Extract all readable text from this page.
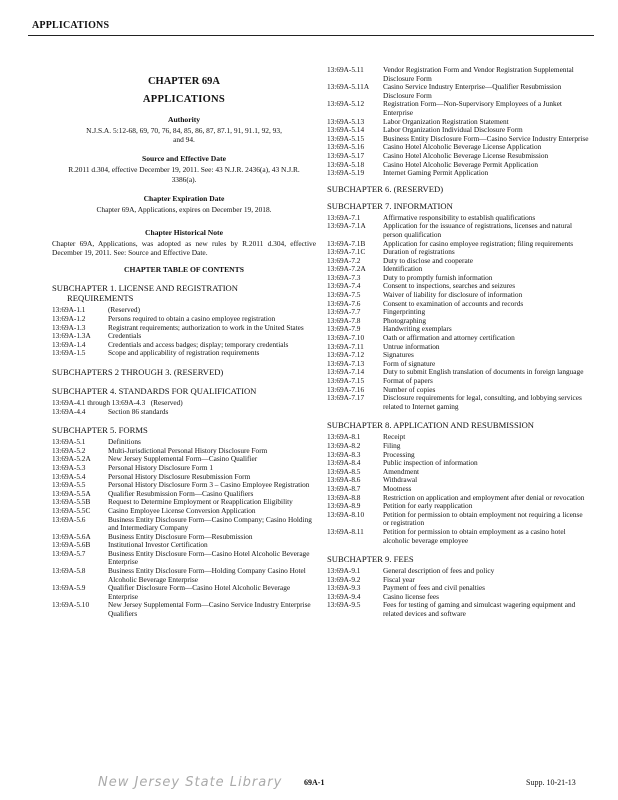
APPLICATIONS
CHAPTER 69A
APPLICATIONS
Authority
N.J.S.A. 5:12-68, 69, 70, 76, 84, 85, 86, 87, 87.1, 91, 91.1, 92, 93, and 94.
Source and Effective Date
R.2011 d.304, effective December 19, 2011. See: 43 N.J.R. 2436(a), 43 N.J.R. 3386(a).
Chapter Expiration Date
Chapter 69A, Applications, expires on December 19, 2018.
Chapter Historical Note
Chapter 69A, Applications, was adopted as new rules by R.2011 d.304, effective December 19, 2011. See: Source and Effective Date.
CHAPTER TABLE OF CONTENTS
SUBCHAPTER 1. LICENSE AND REGISTRATION
REQUIREMENTS
13:69A-1.1	(Reserved)
13:69A-1.2	Persons required to obtain a casino employee registration
13:69A-1.3	Registrant requirements; authorization to work in the United States
13:69A-1.3A	Credentials
13:69A-1.4	Credentials and access badges; display; temporary credentials
13:69A-1.5	Scope and applicability of registration requirements
SUBCHAPTERS 2 THROUGH 3. (RESERVED)
SUBCHAPTER 4. STANDARDS FOR QUALIFICATION
13:69A-4.1 through 13:69A-4.3   (Reserved)
13:69A-4.4	Section 86 standards
SUBCHAPTER 5. FORMS
13:69A-5.1	Definitions
13:69A-5.2	Multi-Jurisdictional Personal History Disclosure Form
13:69A-5.2A	New Jersey Supplemental Form—Casino Qualifier
13:69A-5.3	Personal History Disclosure Form 1
13:69A-5.4	Personal History Disclosure Resubmission Form
13:69A-5.5	Personal History Disclosure Form 3 – Casino Employee Registration
13:69A-5.5A	Qualifier Resubmission Form—Casino Qualifiers
13:69A-5.5B	Request to Determine Employment or Reapplication Eligibility
13:69A-5.5C	Casino Employee License Conversion Application
13:69A-5.6	Business Entity Disclosure Form—Casino Company; Casino Holding and Intermediary Company
13:69A-5.6A	Business Entity Disclosure Form—Resubmission
13:69A-5.6B	Institutional Investor Certification
13:69A-5.7	Business Entity Disclosure Form—Casino Hotel Alcoholic Beverage Enterprise
13:69A-5.8	Business Entity Disclosure Form—Holding Company Casino Hotel Alcoholic Beverage Enterprise
13:69A-5.9	Qualifier Disclosure Form—Casino Hotel Alcoholic Beverage Enterprise
13:69A-5.10	New Jersey Supplemental Form—Casino Service Industry Enterprise Qualifiers
13:69A-5.11	Vendor Registration Form and Vendor Registration Supplemental Disclosure Form
13:69A-5.11A	Casino Service Industry Enterprise—Qualifier Resubmission Disclosure Form
13:69A-5.12	Registration Form—Non-Supervisory Employees of a Junket Enterprise
13:69A-5.13	Labor Organization Registration Statement
13:69A-5.14	Labor Organization Individual Disclosure Form
13:69A-5.15	Business Entity Disclosure Form—Casino Service Industry Enterprise
13:69A-5.16	Casino Hotel Alcoholic Beverage License Application
13:69A-5.17	Casino Hotel Alcoholic Beverage License Resubmission
13:69A-5.18	Casino Hotel Alcoholic Beverage Permit Application
13:69A-5.19	Internet Gaming Permit Application
SUBCHAPTER 6. (RESERVED)
SUBCHAPTER 7. INFORMATION
13:69A-7.1	Affirmative responsibility to establish qualifications
13:69A-7.1A	Application for the issuance of registrations, licenses and natural person qualification
13:69A-7.1B	Application for casino employee registration; filing requirements
13:69A-7.1C	Duration of registrations
13:69A-7.2	Duty to disclose and cooperate
13:69A-7.2A	Identification
13:69A-7.3	Duty to promptly furnish information
13:69A-7.4	Consent to inspections, searches and seizures
13:69A-7.5	Waiver of liability for disclosure of information
13:69A-7.6	Consent to examination of accounts and records
13:69A-7.7	Fingerprinting
13:69A-7.8	Photographing
13:69A-7.9	Handwriting exemplars
13:69A-7.10	Oath or affirmation and attorney certification
13:69A-7.11	Untrue information
13:69A-7.12	Signatures
13:69A-7.13	Form of signature
13:69A-7.14	Duty to submit English translation of documents in foreign language
13:69A-7.15	Format of papers
13:69A-7.16	Number of copies
13:69A-7.17	Disclosure requirements for legal, consulting, and lobbying services related to Internet gaming
SUBCHAPTER 8. APPLICATION AND RESUBMISSION
13:69A-8.1	Receipt
13:69A-8.2	Filing
13:69A-8.3	Processing
13:69A-8.4	Public inspection of information
13:69A-8.5	Amendment
13:69A-8.6	Withdrawal
13:69A-8.7	Mootness
13:69A-8.8	Restriction on application and employment after denial or revocation
13:69A-8.9	Petition for early reapplication
13:69A-8.10	Petition for permission to obtain employment not requiring a license or registration
13:69A-8.11	Petition for permission to obtain employment as a casino hotel alcoholic beverage employee
SUBCHAPTER 9. FEES
13:69A-9.1	General description of fees and policy
13:69A-9.2	Fiscal year
13:69A-9.3	Payment of fees and civil penalties
13:69A-9.4	Casino license fees
13:69A-9.5	Fees for testing of gaming and simulcast wagering equipment and related devices and software
New Jersey State Library	69A-1	Supp. 10-21-13
